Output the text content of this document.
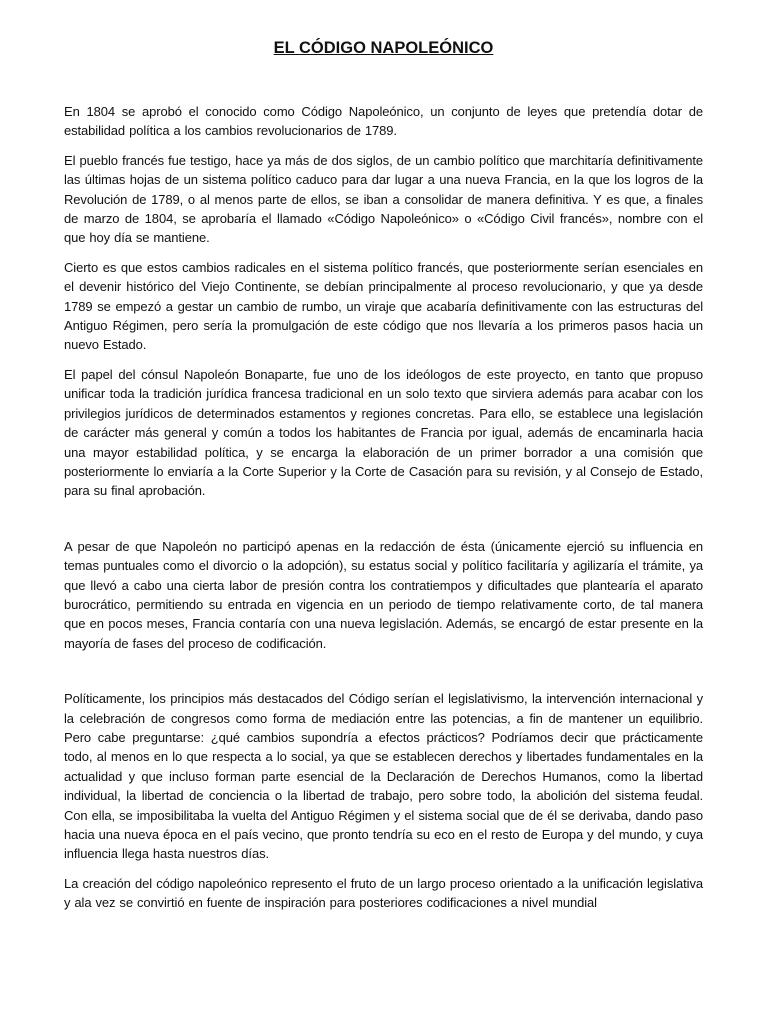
EL CÓDIGO NAPOLEÓNICO

En 1804 se aprobó el conocido como Código Napoleónico, un conjunto de leyes que pretendía dotar de estabilidad política a los cambios revolucionarios de 1789.

El pueblo francés fue testigo, hace ya más de dos siglos, de un cambio político que marchitaría definitivamente las últimas hojas de un sistema político caduco para dar lugar a una nueva Francia, en la que los logros de la Revolución de 1789, o al menos parte de ellos, se iban a consolidar de manera definitiva. Y es que, a finales de marzo de 1804, se aprobaría el llamado «Código Napoleónico» o «Código Civil francés», nombre con el que hoy día se mantiene.

Cierto es que estos cambios radicales en el sistema político francés, que posteriormente serían esenciales en el devenir histórico del Viejo Continente, se debían principalmente al proceso revolucionario, y que ya desde 1789 se empezó a gestar un cambio de rumbo, un viraje que acabaría definitivamente con las estructuras del Antiguo Régimen, pero sería la promulgación de este código que nos llevaría a los primeros pasos hacia un nuevo Estado.

El papel del cónsul Napoleón Bonaparte, fue uno de los ideólogos de este proyecto, en tanto que propuso unificar toda la tradición jurídica francesa tradicional en un solo texto que sirviera además para acabar con los privilegios jurídicos de determinados estamentos y regiones concretas. Para ello, se establece una legislación de carácter más general y común a todos los habitantes de Francia por igual, además de encaminarla hacia una mayor estabilidad política, y se encarga la elaboración de un primer borrador a una comisión que posteriormente lo enviaría a la Corte Superior y la Corte de Casación para su revisión, y al Consejo de Estado, para su final aprobación.

A pesar de que Napoleón no participó apenas en la redacción de ésta (únicamente ejerció su influencia en temas puntuales como el divorcio o la adopción), su estatus social y político facilitaría y agilizaría el trámite, ya que llevó a cabo una cierta labor de presión contra los contratiempos y dificultades que plantearía el aparato burocrático, permitiendo su entrada en vigencia en un periodo de tiempo relativamente corto, de tal manera que en pocos meses, Francia contaría con una nueva legislación. Además, se encargó de estar presente en la mayoría de fases del proceso de codificación.

Políticamente, los principios más destacados del Código serían el legislativismo, la intervención internacional y la celebración de congresos como forma de mediación entre las potencias, a fin de mantener un equilibrio. Pero cabe preguntarse: ¿qué cambios supondría a efectos prácticos? Podríamos decir que prácticamente todo, al menos en lo que respecta a lo social, ya que se establecen derechos y libertades fundamentales en la actualidad y que incluso forman parte esencial de la Declaración de Derechos Humanos, como la libertad individual, la libertad de conciencia o la libertad de trabajo, pero sobre todo, la abolición del sistema feudal. Con ella, se imposibilitaba la vuelta del Antiguo Régimen y el sistema social que de él se derivaba, dando paso hacia una nueva época en el país vecino, que pronto tendría su eco en el resto de Europa y del mundo, y cuya influencia llega hasta nuestros días.

La creación del código napoleónico represento el fruto de un largo proceso orientado a la unificación legislativa y ala vez se convirtió en fuente de inspiración para posteriores codificaciones a nivel mundial
